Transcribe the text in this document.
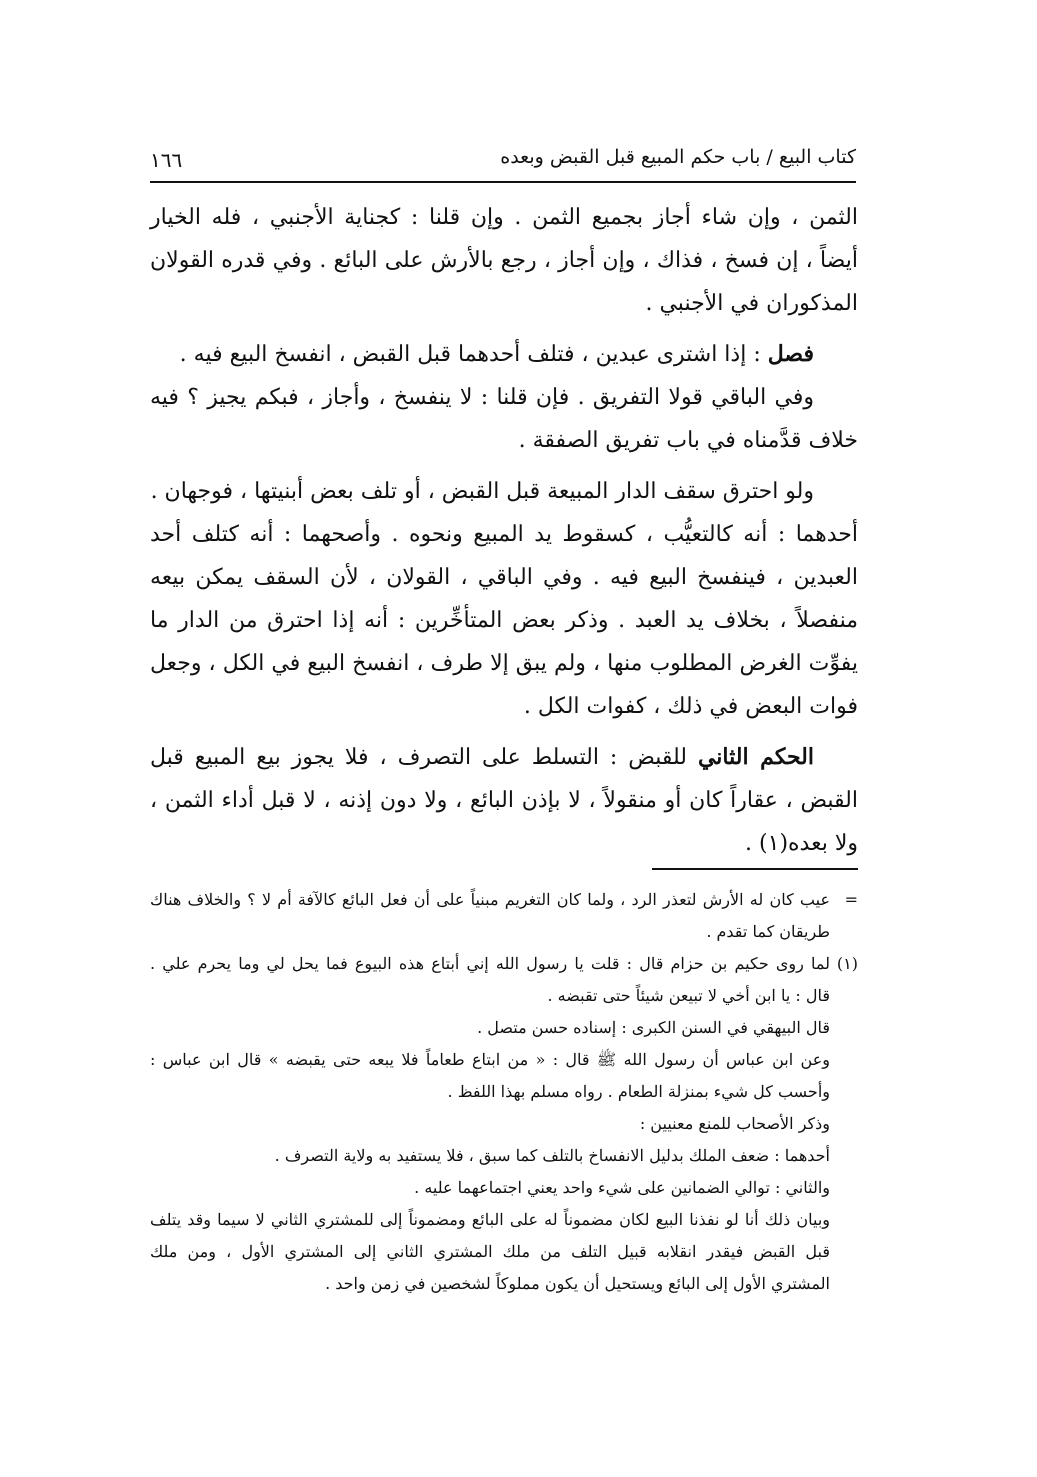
كتاب البيع / باب حكم المبيع قبل القبض وبعده
١٦٦

الثمن ، وإن شاء أجاز بجميع الثمن . وإن قلنا : كجناية الأجنبي ، فله الخيار
أيضاً ، إن فسخ ، فذاك ، وإن أجاز ، رجع بالأرش على البائع . وفي قدره القولان
المذكوران في الأجنبي .

  فصل : إذا اشترى عبدين ، فتلف أحدهما قبل القبض ، انفسخ البيع فيه .
  وفي الباقي قولا التفريق . فإن قلنا : لا ينفسخ ، وأجاز ، فبكم يجيز ؟ فيه
خلاف قدَّمناه في باب تفريق الصفقة .

  ولو احترق سقف الدار المبيعة قبل القبض ، أو تلف بعض أبنيتها ، فوجهان .
أحدهما : أنه كالتعيُّب ، كسقوط يد المبيع ونحوه . وأصحهما : أنه كتلف أحد
العبدين ، فينفسخ البيع فيه . وفي الباقي ، القولان ، لأن السقف يمكن بيعه
منفصلاً ، بخلاف يد العبد . وذكر بعض المتأخِّرين : أنه إذا احترق من الدار ما
يفوِّت الغرض المطلوب منها ، ولم يبق إلا طرف ، انفسخ البيع في الكل ، وجعل
فوات البعض في ذلك ، كفوات الكل .

  الحكم الثاني للقبض : التسلط على التصرف ، فلا يجوز بيع المبيع قبل
القبض ، عقاراً كان أو منقولاً ، لا بإذن البائع ، ولا دون إذنه ، لا قبل أداء الثمن ،
ولا بعده(١) .

=
عيب كان له الأرش لتعذر الرد ، ولما كان التغريم مبنياً على أن فعل البائع كالآفة أم لا ؟ والخلاف هناك
طريقان كما تقدم .
(١)
لما روى حكيم بن حزام قال : قلت يا رسول الله إني أبتاع هذه البيوع فما يحل لي وما يحرم علي .
قال : يا ابن أخي لا تبيعن شيئاً حتى تقبضه .
قال البيهقي في السنن الكبرى : إسناده حسن متصل .
وعن ابن عباس أن رسول الله ﷺ قال : « من ابتاع طعاماً فلا يبعه حتى يقبضه » قال ابن عباس :
وأحسب كل شيء بمنزلة الطعام . رواه مسلم بهذا اللفظ .
وذكر الأصحاب للمنع معنيين :
أحدهما : ضعف الملك بدليل الانفساخ بالتلف كما سبق ، فلا يستفيد به ولاية التصرف .
والثاني : توالي الضمانين على شيء واحد يعني اجتماعهما عليه .
وبيان ذلك أنا لو نفذنا البيع لكان مضموناً له على البائع ومضموناً إلى للمشتري الثاني لا سيما وقد يتلف
قبل القبض فيقدر انقلابه قبيل التلف من ملك المشتري الثاني إلى المشتري الأول ، ومن ملك
المشتري الأول إلى البائع ويستحيل أن يكون مملوكاً لشخصين في زمن واحد .
